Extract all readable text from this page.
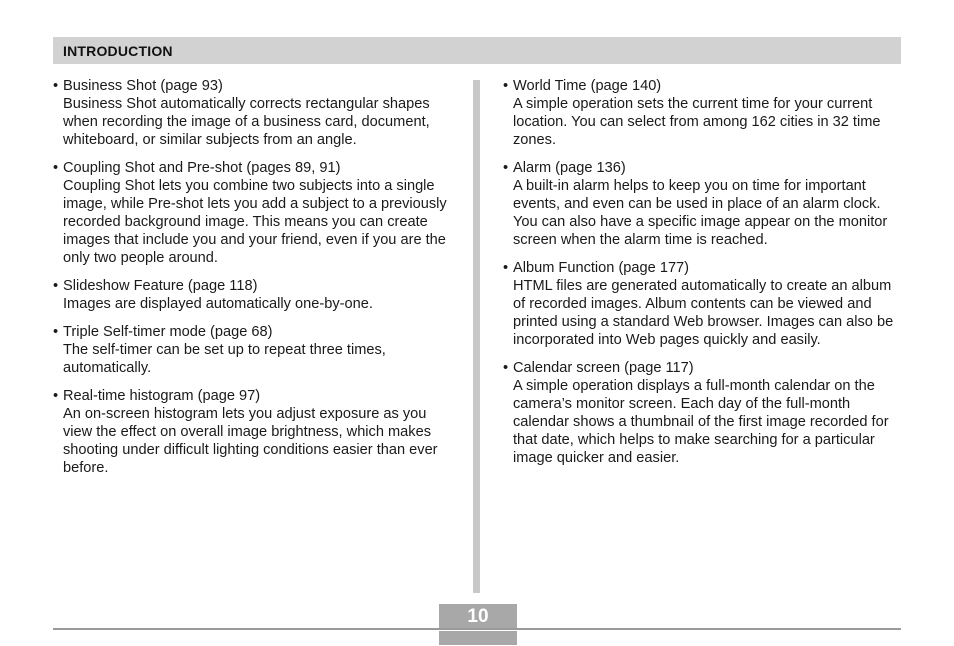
INTRODUCTION
• Business Shot (page 93)
Business Shot automatically corrects rectangular shapes when recording the image of a business card, document, whiteboard, or similar subjects from an angle.
• Coupling Shot and Pre-shot (pages 89, 91)
Coupling Shot lets you combine two subjects into a single image, while Pre-shot lets you add a subject to a previously recorded background image. This means you can create images that include you and your friend, even if you are the only two people around.
• Slideshow Feature (page 118)
Images are displayed automatically one-by-one.
• Triple Self-timer mode (page 68)
The self-timer can be set up to repeat three times, automatically.
• Real-time histogram (page 97)
An on-screen histogram lets you adjust exposure as you view the effect on overall image brightness, which makes shooting under difficult lighting conditions easier than ever before.
• World Time (page 140)
A simple operation sets the current time for your current location. You can select from among 162 cities in 32 time zones.
• Alarm (page 136)
A built-in alarm helps to keep you on time for important events, and even can be used in place of an alarm clock. You can also have a specific image appear on the monitor screen when the alarm time is reached.
• Album Function (page 177)
HTML files are generated automatically to create an album of recorded images. Album contents can be viewed and printed using a standard Web browser. Images can also be incorporated into Web pages quickly and easily.
• Calendar screen (page 117)
A simple operation displays a full-month calendar on the camera’s monitor screen. Each day of the full-month calendar shows a thumbnail of the first image recorded for that date, which helps to make searching for a particular image quicker and easier.
10
